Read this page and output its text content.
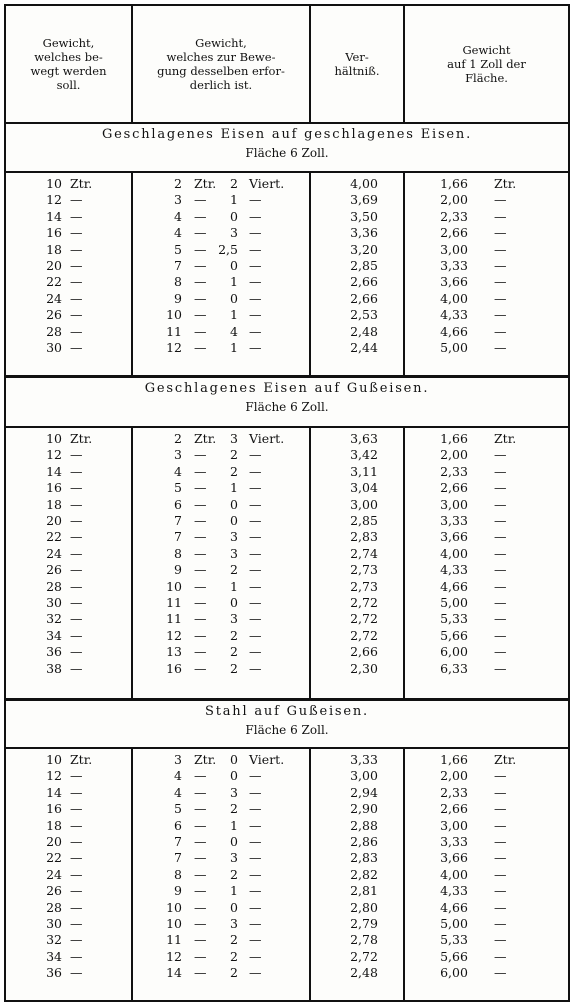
Gewicht,
welches be-
wegt werden
soll.
Gewicht,
welches zur Bewe-
gung desselben erfor-
derlich ist.
Ver-
hältniß.
Gewicht
auf 1 Zoll der
Fläche.
Geschlagenes Eisen auf geschlagenes Eisen.
Fläche 6 Zoll.
10 Ztr.	2 Ztr.	2 Viert.	4,00	1,66	Ztr.
12 —	3 —	1 —	3,69	2,00	—
14 —	4 —	0 —	3,50	2,33	—
16 —	4 —	3 —	3,36	2,66	—
18 —	5 — 2,5 —	3,20	3,00	—
20 —	7 —	0 —	2,85	3,33	—
22 —	8 —	1 —	2,66	3,66	—
24 —	9 —	0 —	2,66	4,00	—
26 —	10 —	1 —	2,53	4,33	—
28 —	11 —	4 —	2,48	4,66	—
30 —	12 —	1 —	2,44	5,00	—
Geschlagenes Eisen auf Gußeisen.
Fläche 6 Zoll.
10 Ztr.	2 Ztr.	3 Viert.	3,63	1,66	Ztr.
12 —	3 —	2 —	3,42	2,00	—
14 —	4 —	2 —	3,11	2,33	—
16 —	5 —	1 —	3,04	2,66	—
18 —	6 —	0 —	3,00	3,00	—
20 —	7 —	0 —	2,85	3,33	—
22 —	7 —	3 —	2,83	3,66	—
24 —	8 —	3 —	2,74	4,00	—
26 —	9 —	2 —	2,73	4,33	—
28 —	10 —	1 —	2,73	4,66	—
30 —	11 —	0 —	2,72	5,00	—
32 —	11 —	3 —	2,72	5,33	—
34 —	12 —	2 —	2,72	5,66	—
36 —	13 —	2 —	2,66	6,00	—
38 —	16 —	2 —	2,30	6,33	—
Stahl auf Gußeisen.
Fläche 6 Zoll.
10 Ztr.	3 Ztr.	0 Viert.	3,33	1,66	Ztr.
12 —	4 —	0 —	3,00	2,00	—
14 —	4 —	3 —	2,94	2,33	—
16 —	5 —	2 —	2,90	2,66	—
18 —	6 —	1 —	2,88	3,00	—
20 —	7 —	0 —	2,86	3,33	—
22 —	7 —	3 —	2,83	3,66	—
24 —	8 —	2 —	2,82	4,00	—
26 —	9 —	1 —	2,81	4,33	—
28 —	10 —	0 —	2,80	4,66	—
30 —	10 —	3 —	2,79	5,00	—
32 —	11 —	2 —	2,78	5,33	—
34 —	12 —	2 —	2,72	5,66	—
36 —	14 —	2 —	2,48	6,00	—
